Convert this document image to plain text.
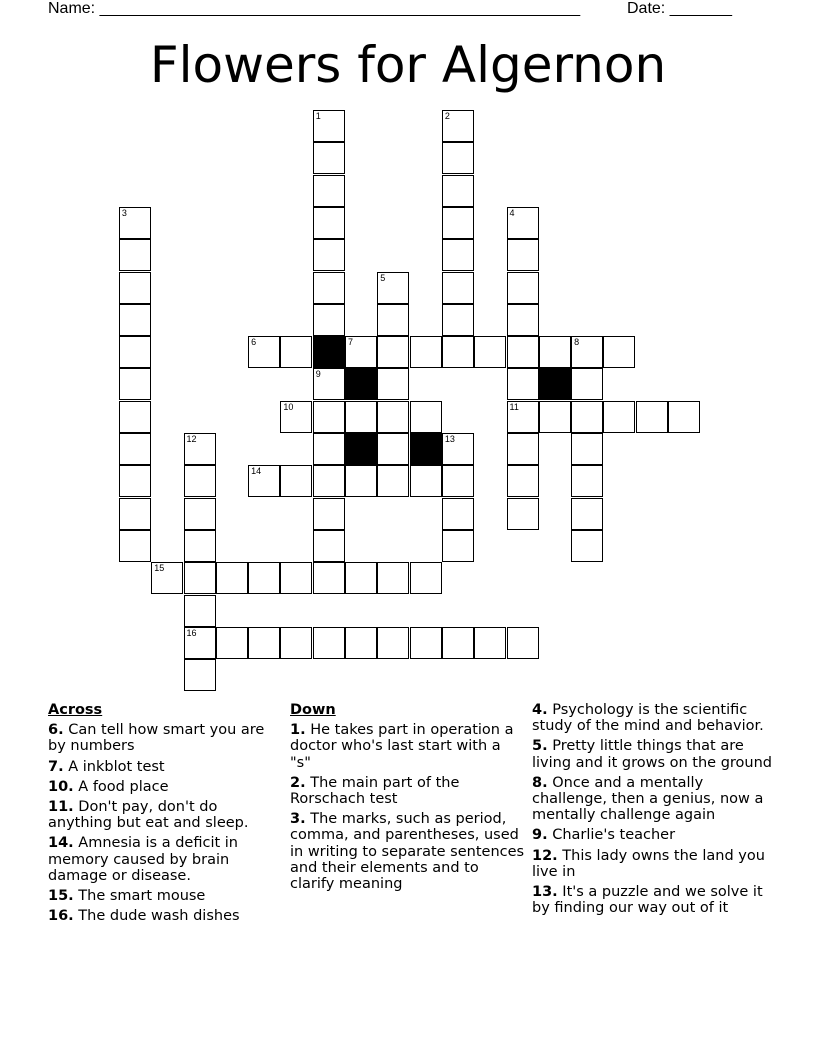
Name: ______________________________________________________	Date: _______
Flowers for Algernon
1	2
3	4
5
6	7	8
9
10	11
12	13
14
15
16
Across
6. Can tell how smart you are by numbers
7. A inkblot test
10. A food place
11. Don't pay, don't do anything but eat and sleep.
14. Amnesia is a deficit in memory caused by brain damage or disease.
15. The smart mouse
16. The dude wash dishes
Down
1. He takes part in operation a doctor who's last start with a "s"
2. The main part of the Rorschach test
3. The marks, such as period, comma, and parentheses, used in writing to separate sentences and their elements and to clarify meaning
4. Psychology is the scientific study of the mind and behavior.
5. Pretty little things that are living and it grows on the ground
8. Once and a mentally challenge, then a genius, now a mentally challenge again
9. Charlie's teacher
12. This lady owns the land you live in
13. It's a puzzle and we solve it by finding our way out of it
